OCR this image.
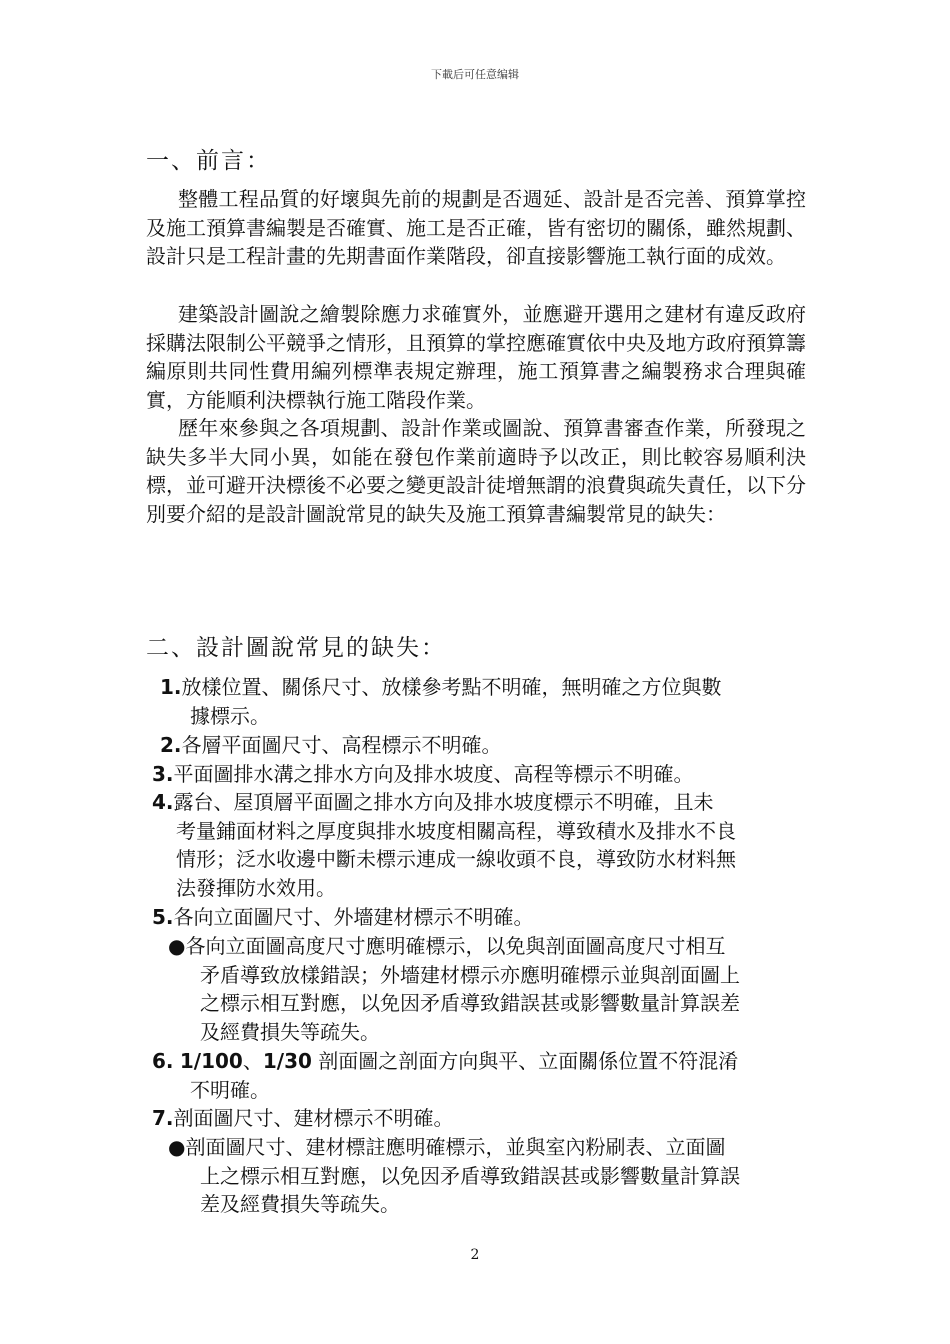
下載后可任意编辑
一、前言：
整體工程品質的好壞與先前的規劃是否週延、設計是否完善、預算掌控及施工預算書編製是否確實、施工是否正確，皆有密切的關係，雖然規劃、設計只是工程計畫的先期書面作業階段，卻直接影響施工執行面的成效。
建築設計圖說之繪製除應力求確實外，並應避开選用之建材有違反政府採購法限制公平競爭之情形，且預算的掌控應確實依中央及地方政府預算籌編原則共同性費用編列標準表規定辦理，施工預算書之編製務求合理與確實，方能順利決標執行施工階段作業。
歷年來參與之各項規劃、設計作業或圖說、預算書審查作業，所發現之缺失多半大同小異，如能在發包作業前適時予以改正，則比較容易順利決標，並可避开決標後不必要之變更設計徒增無謂的浪費與疏失責任，以下分別要介紹的是設計圖說常見的缺失及施工預算書編製常見的缺失：
二、設計圖說常見的缺失：
1.放樣位置、關係尺寸、放樣參考點不明確，無明確之方位與數
據標示。
2.各層平面圖尺寸、高程標示不明確。
3.平面圖排水溝之排水方向及排水坡度、高程等標示不明確。
4.露台、屋頂層平面圖之排水方向及排水坡度標示不明確，且未
考量鋪面材料之厚度與排水坡度相關高程，導致積水及排水不良
情形；泛水收邊中斷未標示連成一線收頭不良，導致防水材料無
法發揮防水效用。
5.各向立面圖尺寸、外墻建材標示不明確。
●各向立面圖高度尺寸應明確標示，以免與剖面圖高度尺寸相互
矛盾導致放樣錯誤；外墻建材標示亦應明確標示並與剖面圖上
之標示相互對應，以免因矛盾導致錯誤甚或影響數量計算誤差
及經費損失等疏失。
6. 1/100、1/30 剖面圖之剖面方向與平、立面關係位置不符混淆
不明確。
7.剖面圖尺寸、建材標示不明確。
●剖面圖尺寸、建材標註應明確標示，並與室內粉刷表、立面圖
上之標示相互對應，以免因矛盾導致錯誤甚或影響數量計算誤
差及經費損失等疏失。
2
